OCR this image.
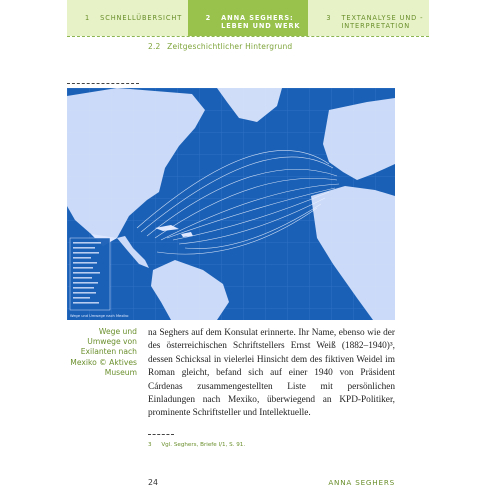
1 SCHNELLÜBERSICHT	2 ANNA SEGHERS: LEBEN UND WERK
3 TEXTANALYSE UND -INTERPRETATION
2.2 Zeitgeschichtlicher Hintergrund
Wege und Umwege nach Mexiko
Wege und Umwege von Exilanten nach Mexiko © Aktives Museum
na Seghers auf dem Konsulat erinnerte. Ihr Name, ebenso wie der des österreichischen Schriftstellers Ernst Weiß (1882–1940)³, dessen Schicksal in vielerlei Hinsicht dem des fiktiven Weidel im Roman gleicht, befand sich auf einer 1940 von Präsident Cárdenas zusammengestellten Liste mit persönlichen Einladungen nach Mexiko, überwiegend an KPD-Politiker, prominente Schriftsteller und Intellektuelle.
3 Vgl. Seghers, Briefe I/1, S. 91.
24	ANNA SEGHERS
